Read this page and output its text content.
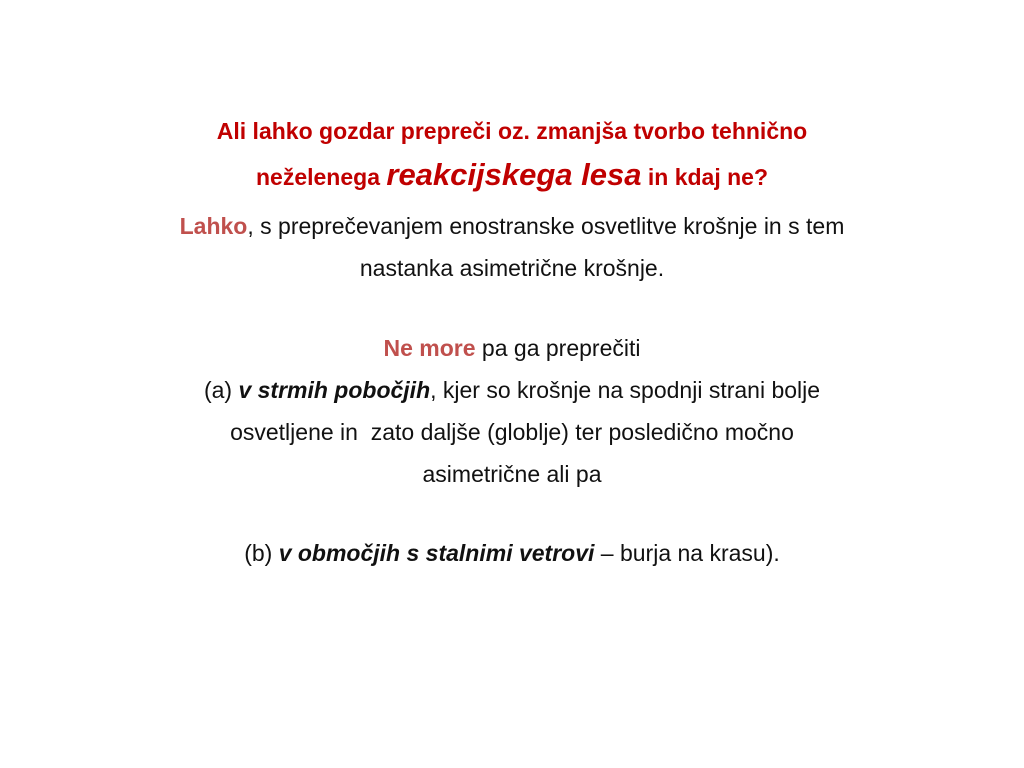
Ali lahko gozdar prepreči oz. zmanjša tvorbo tehnično
neželenega reakcijskega lesa in kdaj ne?
Lahko, s preprečevanjem enostranske osvetlitve krošnje in s tem
nastanka asimetrične krošnje.
Ne more pa ga preprečiti
(a) v strmih pobočjih, kjer so krošnje na spodnji strani bolje
osvetljene in  zato daljše (globlje) ter posledično močno
asimetrične ali pa
(b) v območjih s stalnimi vetrovi – burja na krasu).
